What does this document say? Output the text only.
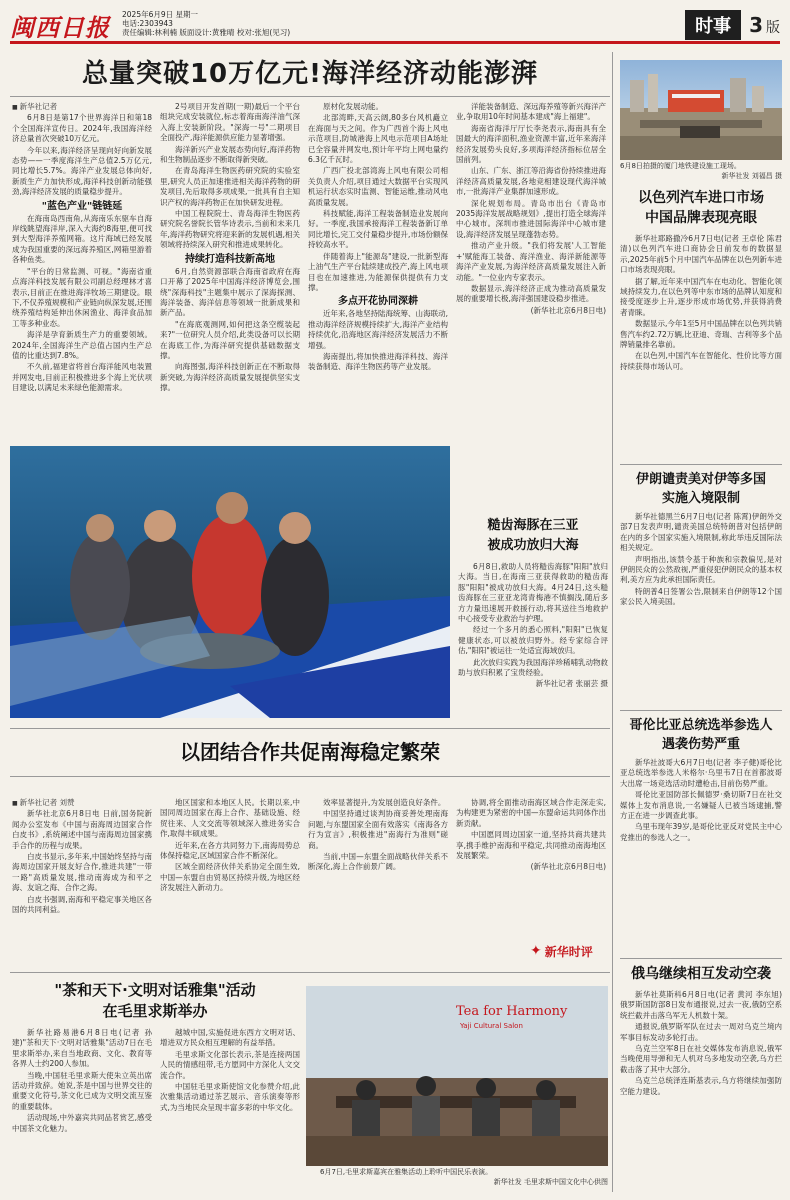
闽西日报 2025年6月9日 星期一
电话:2303943
责任编辑:林利楠 版面设计:黄雅晴 校对:张旭(见习)	时事 3 版
总量突破10万亿元!海洋经济动能澎湃
■ 新华社记者

6月8日是第17个世界海洋日和第18个全国海洋宣传日。2024年,我国海洋经济总量首次突破10万亿元。

今年以来,海洋经济呈现向好向新发展态势——一季度海洋生产总值2.5万亿元,同比增长5.7%。海洋产业发展总体向好,新质生产力加快形成,海洋科技创新动能强劲,海洋经济发展的质量稳步提升。

"蓝色产业"链链延

在海南岛西南角,从海南乐东驱车自海岸线眺望海洋岸,深入大海约8海里,便可找到大型海洋养殖网箱。这片海域已经发展成为我国重要的深远海养殖区,网箱里游着各种鱼类。

"平台的日常监测、可视。"海南省重点海洋科技发展有限公司副总经理林才喜表示,目前正在推进海洋牧场三期建设。眼下,不仅养殖规模和产业链向纵深发展,还围绕养殖结构延伸出休闲渔业、海洋食品加工等多种业态。

海洋是孕育新质生产力的重要领域。2024年,全国海洋生产总值占国内生产总值的比重达到7.8%。

不久前,福建省将首台海洋能风电装置并网发电,目前正积极推进多个海上光伏项目建设,以满足未来绿色能源需求。

2号项目开发首期(一期)最后一个平台组块完成安装就位,标志着海南海洋油气深入海上安装新阶段。"深海一号"二期项目全面投产,海洋能源供应能力显著增强。

海洋新兴产业发展态势向好,海洋药物和生物制品逐步不断取得新突破。

在青岛海洋生物医药研究院的实验室里,研究人员正加速推进相关海洋药物的研发项目,先后取得多项成果,一批具有自主知识产权的海洋药物正在加快研发进程。

中国工程院院士、青岛海洋生物医药研究院名誉院长管华诗表示,当前和未来几年,海洋药物研究将迎来新的发展机遇,相关领域将持续深入研究和推进成果转化。

持续打造科技新高地

6月,自然资源部联合海南省政府在海口开幕了2025年中国海洋经济博览会,围绕"深海科技"主题集中展示了深海探测、海洋装备、海洋信息等领域一批新成果和新产品。

"在海底观测网,如何把这条空缆装起来?"一位研究人员介绍,此类设备可以长期在海底工作,为海洋研究提供基础数据支撑。

向海图强,海洋科技创新正在不断取得新突破,为海洋经济高质量发展提供坚实支撑。

原材化发展动能。

北部湾畔,天高云阔,80多台风机矗立在海面与天之间。作为广西首个海上风电示范项目,防城港海上风电示范项目A场址已全容量并网发电,预计年平均上网电量约6.3亿千瓦时。

广西广投北部湾海上风电有限公司相关负责人介绍,项目通过大数据平台实现风机运行状态实时监测、智能运维,推动风电高质量发展。

科技赋能,海洋工程装备制造业发展向好。一季度,我国承接海洋工程装备新订单同比增长,完工交付量稳步提升,市场份额保持较高水平。

伴随着海上"能源岛"建设,一批新型海上油气生产平台陆续建成投产,海上风电项目也在加速推进,为能源保供提供有力支撑。

多点开花协同深耕

近年来,各地坚持陆海统筹、山海联动,推动海洋经济规模持续扩大,海洋产业结构持续优化,沿海地区海洋经济发展活力不断增强。

海南提出,将加快推进海洋科技、海洋装备制造、海洋生物医药等产业发展。

洋能装备制造、深远海养殖等新兴海洋产业,争取用10年时间基本建成"海上福建"。

海南省海洋厅厅长李尧表示,海南具有全国最大的海洋面积,渔业资源丰富,近年来海洋经济发展势头良好,多项海洋经济指标位居全国前列。

山东、广东、浙江等沿海省份持续推进海洋经济高质量发展,各地竞相建设现代海洋城市,一批海洋产业集群加速形成。

深化规划布局。青岛市出台《青岛市2035海洋发展战略规划》,提出打造全球海洋中心城市。深圳市推进国际海洋中心城市建设,海洋经济发展呈现蓬勃态势。

推动产业升级。"我们将发展'人工智能+'赋能海工装备、海洋渔业、海洋新能源等海洋产业发展,为海洋经济高质量发展注入新动能。"一位业内专家表示。

数据显示,海洋经济正成为推动高质量发展的重要增长极,海洋强国建设稳步推进。

(新华社北京6月8日电)

6月8日拍摄的厦门地铁建设施工现场。

新华社发 刘福昌 摄

以色列汽车进口市场
中国品牌表现亮眼

新华社耶路撒冷6月7日电(记者 王卓伦 陈君清)以色列汽车进口商协会日前发布的数据显示,2025年前5个月中国汽车品牌在以色列新车进口市场表现亮眼。

据了解,近年来中国汽车在电动化、智能化领域持续发力,在以色列等中东市场的品牌认知度和接受度逐步上升,逐步形成市场优势,并获得消费者青睐。

数据显示,今年1至5月中国品牌在以色列共销售汽车约2.72万辆,比亚迪、奇瑞、吉利等多个品牌销量排名靠前。

在以色列,中国汽车在智能化、性价比等方面持续获得市场认可。

伊朗谴责美对伊等多国
实施入境限制

新华社德黑兰6月7日电(记者 陈霄)伊朗外交部7日发表声明,谴责美国总统特朗普对包括伊朗在内的多个国家实施入境限制,称此举违反国际法相关规定。

声明指出,该禁令基于种族和宗教偏见,是对伊朗民众的公然敌视,严重侵犯伊朗民众的基本权利,美方应为此承担国际责任。

特朗普4日签署公告,限制来自伊朗等12个国家公民入境美国。

哥伦比亚总统选举参选人
遇袭伤势严重

新华社波哥大6月7日电(记者 李子健)哥伦比亚总统选举参选人米格尔·乌里韦7日在首都波哥大出席一场竞选活动时遭枪击,目前伤势严重。

哥伦比亚国防部长佩德罗·桑切斯7日在社交媒体上发布消息说,一名嫌疑人已被当场逮捕,警方正在进一步调查此事。

乌里韦现年39岁,是哥伦比亚反对党民主中心党推出的参选人之一。

俄乌继续相互发动空袭

新华社莫斯科6月8日电(记者 黄河 李东旭)俄罗斯国防部8日发布通报说,过去一夜,俄防空系统拦截并击落乌军无人机数十架。

通报说,俄罗斯军队在过去一周对乌克兰境内军事目标发动多轮打击。

乌克兰空军8日在社交媒体发布消息说,俄军当晚使用导弹和无人机对乌多地发动空袭,乌方拦截击落了其中大部分。

乌克兰总统泽连斯基表示,乌方将继续加强防空能力建设。

糙齿海豚在三亚
被成功放归大海

6月8日,救助人员将糙齿海豚"阳阳"放归大海。当日,在海南三亚获得救助的糙齿海豚"阳阳"被成功放归大海。4月24日,这头糙齿海豚在三亚亚龙湾青梅港不慎搁浅,随后多方力量迅速展开救援行动,将其送往当地救护中心接受专业救治与护理。

经过一个多月的悉心照料,"阳阳"已恢复健康状态,可以被放归野外。经专家综合评估,"阳阳"被运往一处适宜海域放归。

此次放归实践为我国海洋珍稀哺乳动物救助与放归积累了宝贵经验。

新华社记者 张丽芸 摄

以团结合作共促南海稳定繁荣
■ 新华社记者 刘赞

新华社北京6月8日电 日前,国务院新闻办公室发布《中国与南海周边国家合作白皮书》,系统阐述中国与南海周边国家携手合作的历程与成果。

白皮书显示,多年来,中国始终坚持与南海周边国家开展友好合作,推进共建"一带一路"高质量发展,推动南海成为和平之海、友谊之海、合作之海。

白皮书强调,南海和平稳定事关地区各国的共同利益。

地区国家和本地区人民。长期以来,中国同周边国家在海上合作、基础设施、经贸往来、人文交流等领域深入推进务实合作,取得丰硕成果。

近年来,在各方共同努力下,南海局势总体保持稳定,区域国家合作不断深化。

区域全面经济伙伴关系协定全面生效,中国—东盟自由贸易区持续升级,为地区经济发展注入新动力。

效率显著提升,为发展创造良好条件。

中国坚持通过谈判协商妥善处理南海问题,与东盟国家全面有效落实《南海各方行为宣言》,积极推进"南海行为准则"磋商。

当前,中国—东盟全面战略伙伴关系不断深化,海上合作前景广阔。

协调,将全面推动南海区域合作走深走实,为构建更为紧密的中国—东盟命运共同体作出新贡献。

中国愿同周边国家一道,坚持共商共建共享,携手维护南海和平稳定,共同推动南海地区发展繁荣。

(新华社北京6月8日电)

✦ 新华时评
"茶和天下·文明对话雅集"活动
在毛里求斯举办

新华社路易港6月8日电(记者 孙建)"茶和天下·文明对话雅集"活动7日在毛里求斯举办,来自当地政商、文化、教育等各界人士约200人参加。

当晚,中国驻毛里求斯大使朱立英出席活动并致辞。她说,茶是中国与世界交往的重要文化符号,茶文化已成为文明交流互鉴的重要载体。

活动现场,中外嘉宾共同品茗赏艺,感受中国茶文化魅力。

越城中国,实施促进东西方文明对话、增进双方民众相互理解的有益举措。

毛里求斯文化部长表示,茶是连接两国人民的情感纽带,毛方愿同中方深化人文交流合作。

中国驻毛里求斯使馆文化参赞介绍,此次雅集活动通过茶艺展示、音乐演奏等形式,为当地民众呈现丰富多彩的中华文化。

Tea for Harmony
Yaji Cultural Salon

6月7日,毛里求斯嘉宾在雅集活动上聆听中国民乐表演。

新华社发 毛里求斯中国文化中心供图
